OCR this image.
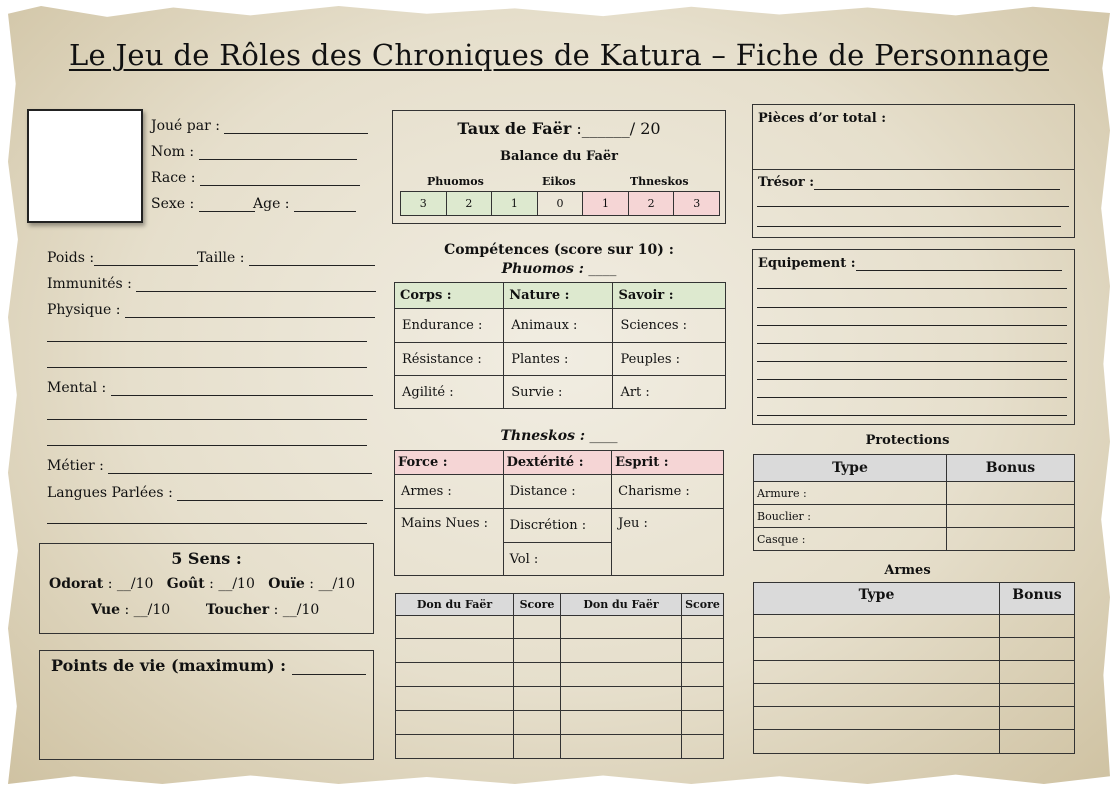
Le Jeu de Rôles des Chroniques de Katura – Fiche de Personnage
Joué par :
Nom :
Race :
Sexe :	Age :
Poids :	Taille :
Immunités :
Physique :
Mental :
Métier :
Langues Parlées :
5 Sens :
Odorat : __/10 Goût : __/10 Ouïe : __/10
Vue : __/10	Toucher : __/10
Points de vie (maximum) :
Taux de Faër :______/ 20
Balance du Faër
Phuomos	Eikos	Thneskos
3	2	1	0	1	2	3
Compétences (score sur 10) :
Phuomos : ____
Corps :	Nature :	Savoir :
Endurance :	Animaux :	Sciences :
Résistance :	Plantes :	Peuples :
Agilité :	Survie :	Art :
Thneskos : ____
Force :	Dextérité :	Esprit :
Armes :	Distance :	Charisme :
Mains Nues :	Discrétion :	Jeu :
	Vol :	
Don du Faër	Score	Don du Faër	Score

Pièces d’or total :
Trésor :
Equipement :
Protections
Type	Bonus
Armure :	
Bouclier :	
Casque :	
Armes
Type	Bonus
